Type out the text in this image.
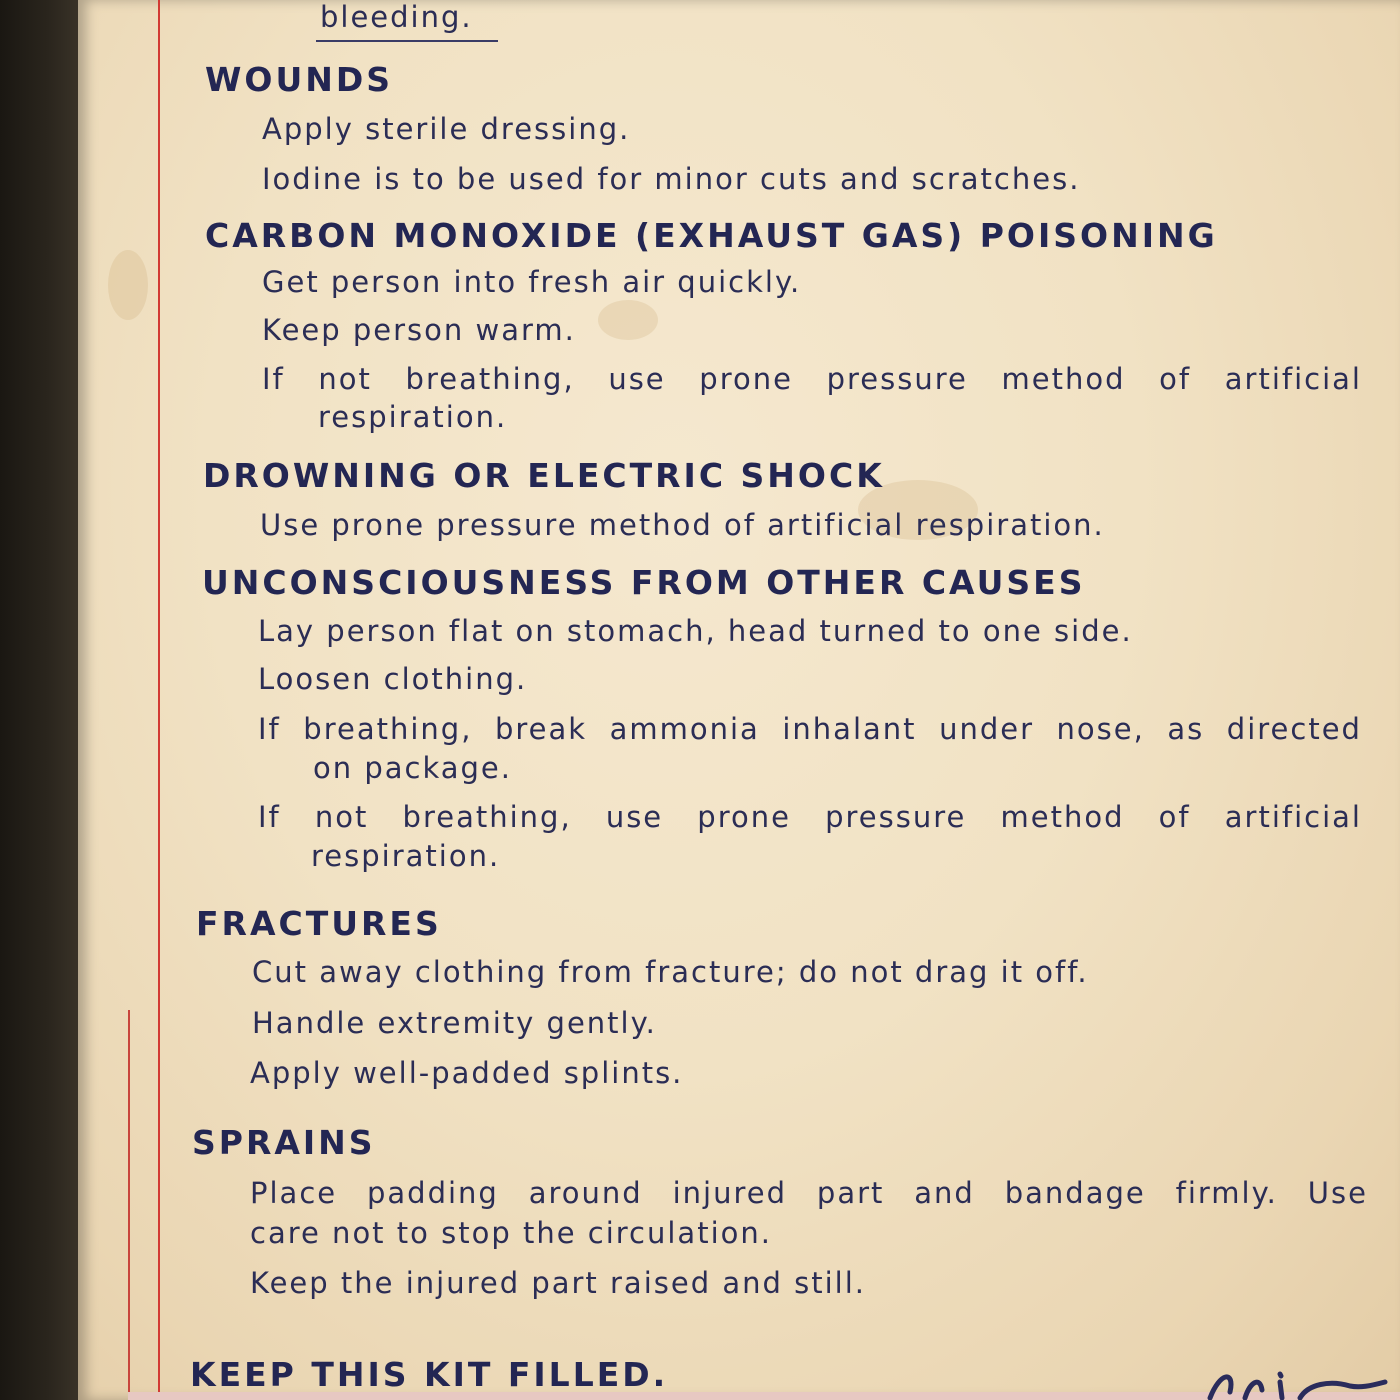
bleeding.
WOUNDS
Apply sterile dressing.
Iodine is to be used for minor cuts and scratches.
CARBON MONOXIDE (EXHAUST GAS) POISONING
Get person into fresh air quickly.
Keep person warm.
If not breathing, use prone pressure method of artificial
respiration.
DROWNING OR ELECTRIC SHOCK
Use prone pressure method of artificial respiration.
UNCONSCIOUSNESS FROM OTHER CAUSES
Lay person flat on stomach, head turned to one side.
Loosen clothing.
If breathing, break ammonia inhalant under nose, as directed
on package.
If not breathing, use prone pressure method of artificial
respiration.
FRACTURES
Cut away clothing from fracture; do not drag it off.
Handle extremity gently.
Apply well-padded splints.
SPRAINS
Place padding around injured part and bandage firmly. Use
care not to stop the circulation.
Keep the injured part raised and still.
KEEP THIS KIT FILLED.
